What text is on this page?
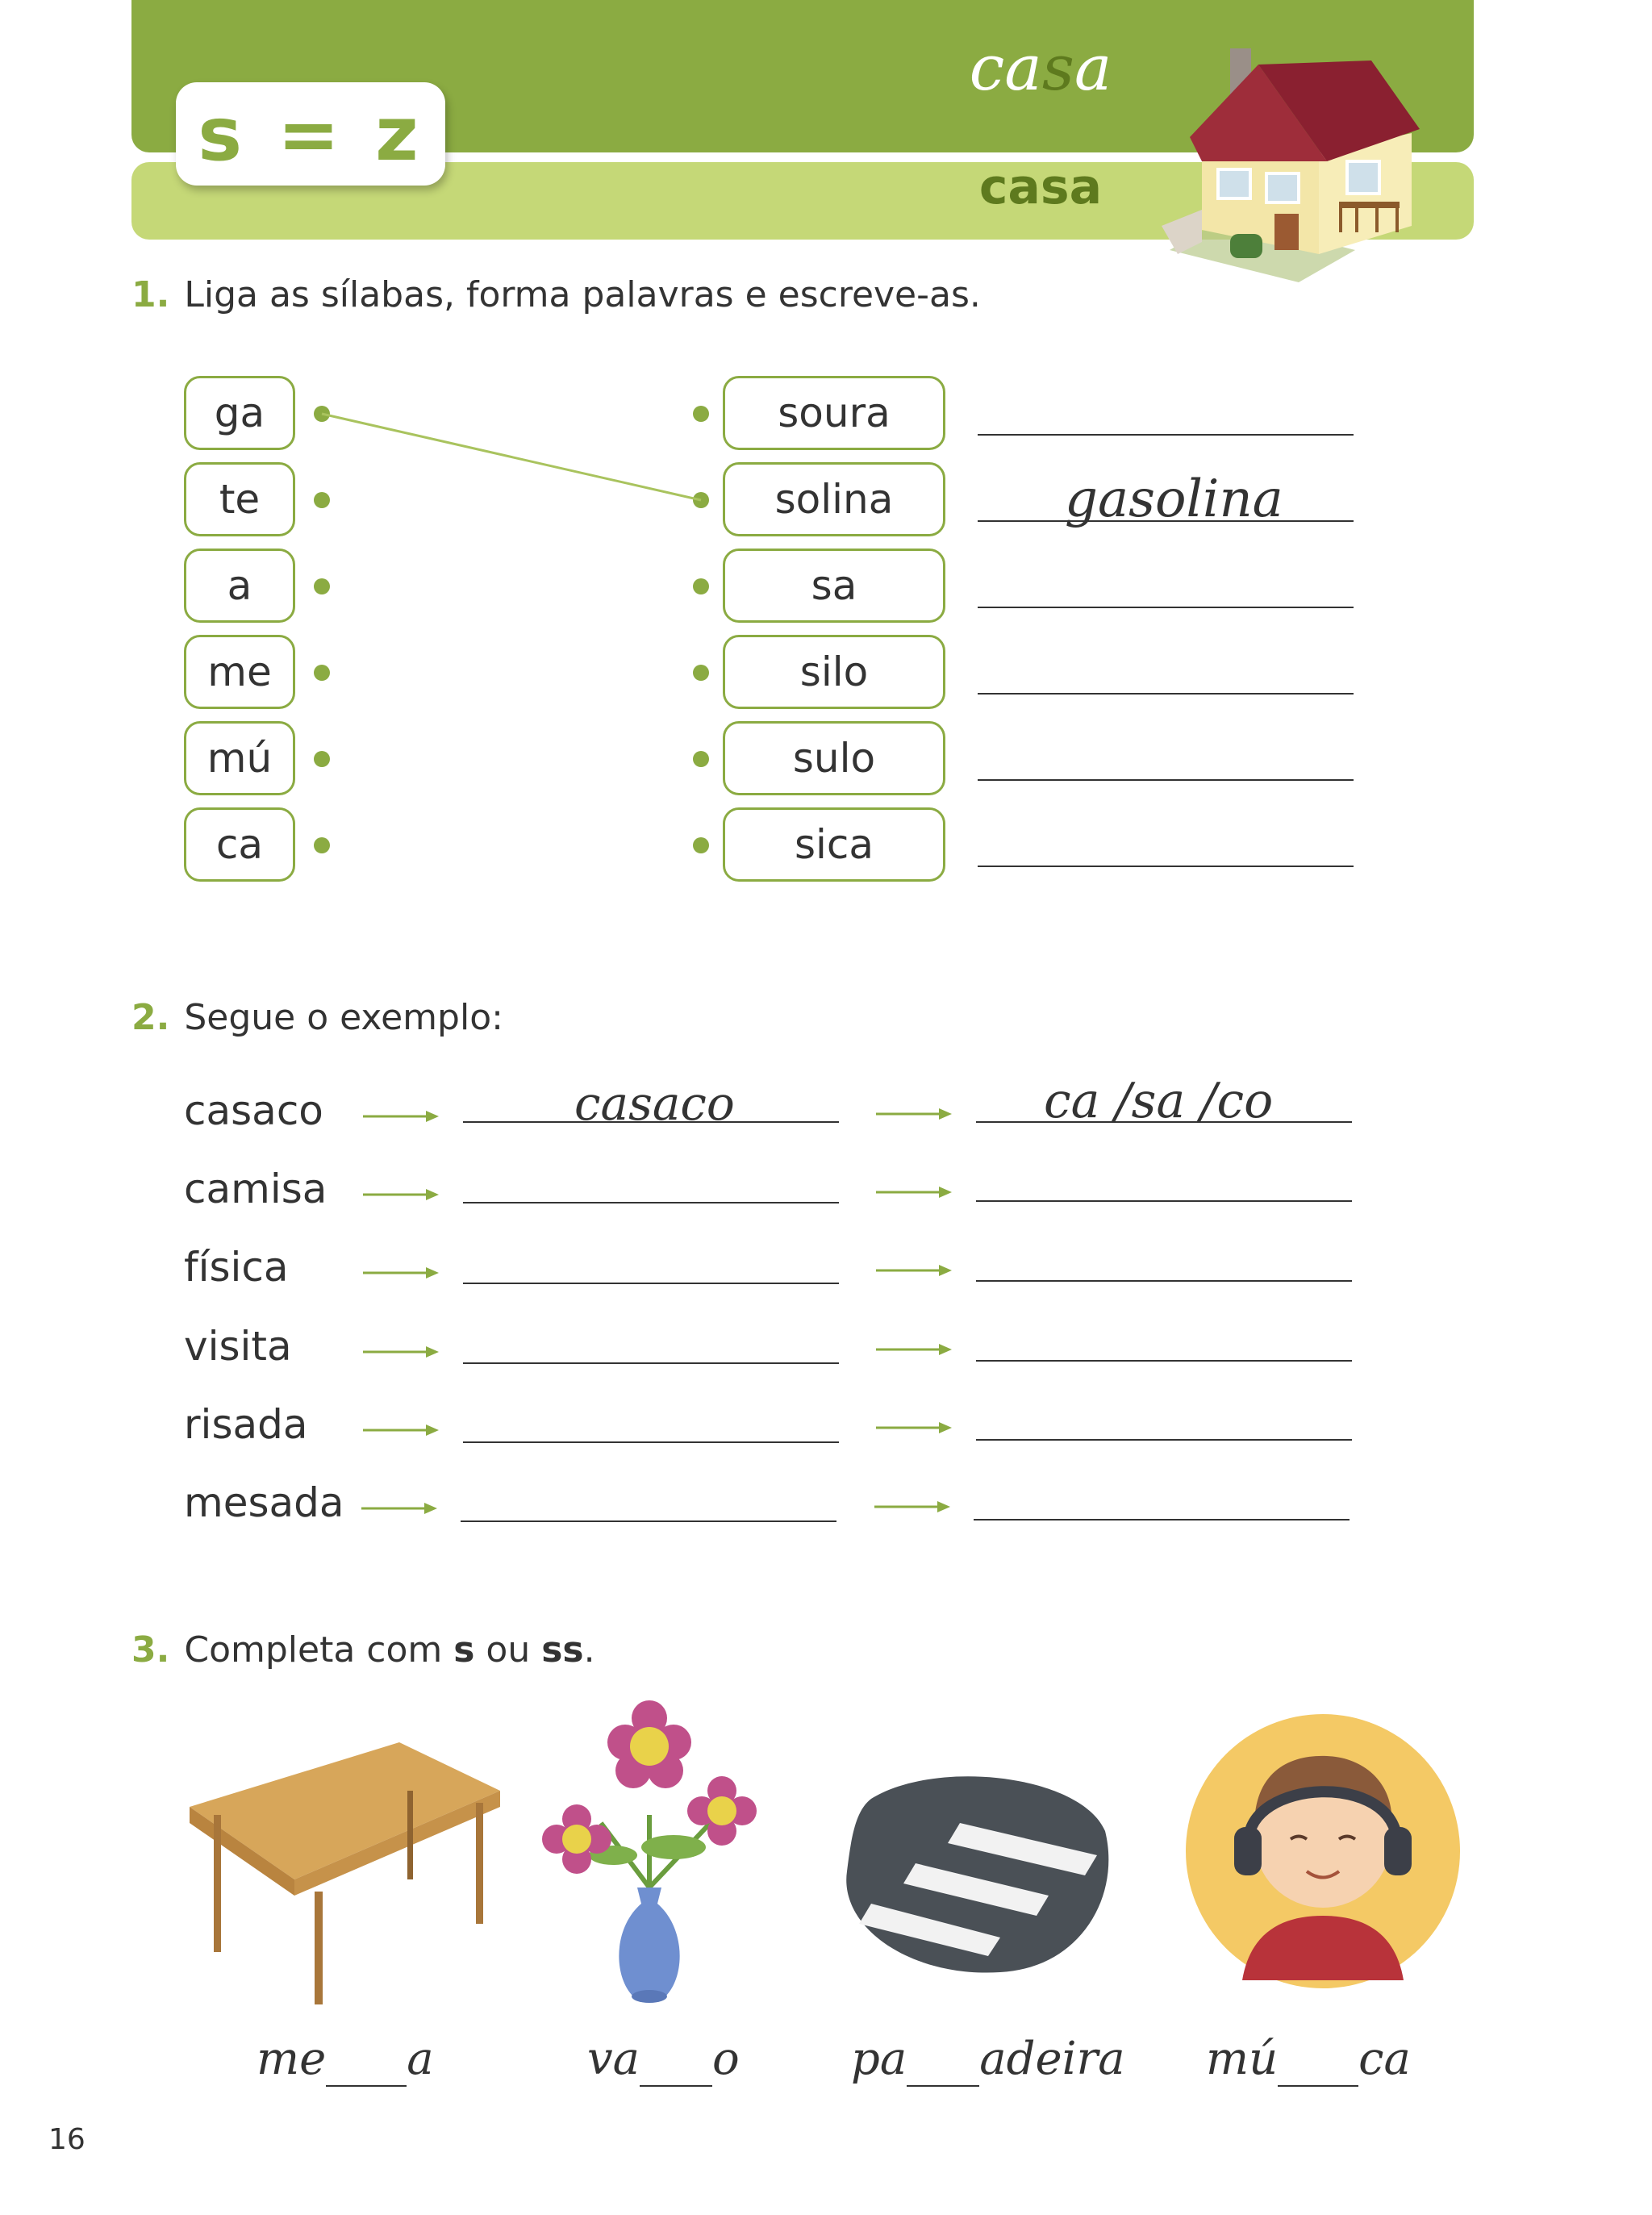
s = z
casa
casa
1. Liga as sílabas, forma palavras e escreve-as.
ga
te
a
me
mú
ca
soura
solina
sa
silo
sulo
sica
gasolina
2. Segue o exemplo:
casaco
camisa
física
visita
risada
mesada
casaco	ca /sa /co
3. Completa com s ou ss.
me a	va o pa adeira mú ca
16
